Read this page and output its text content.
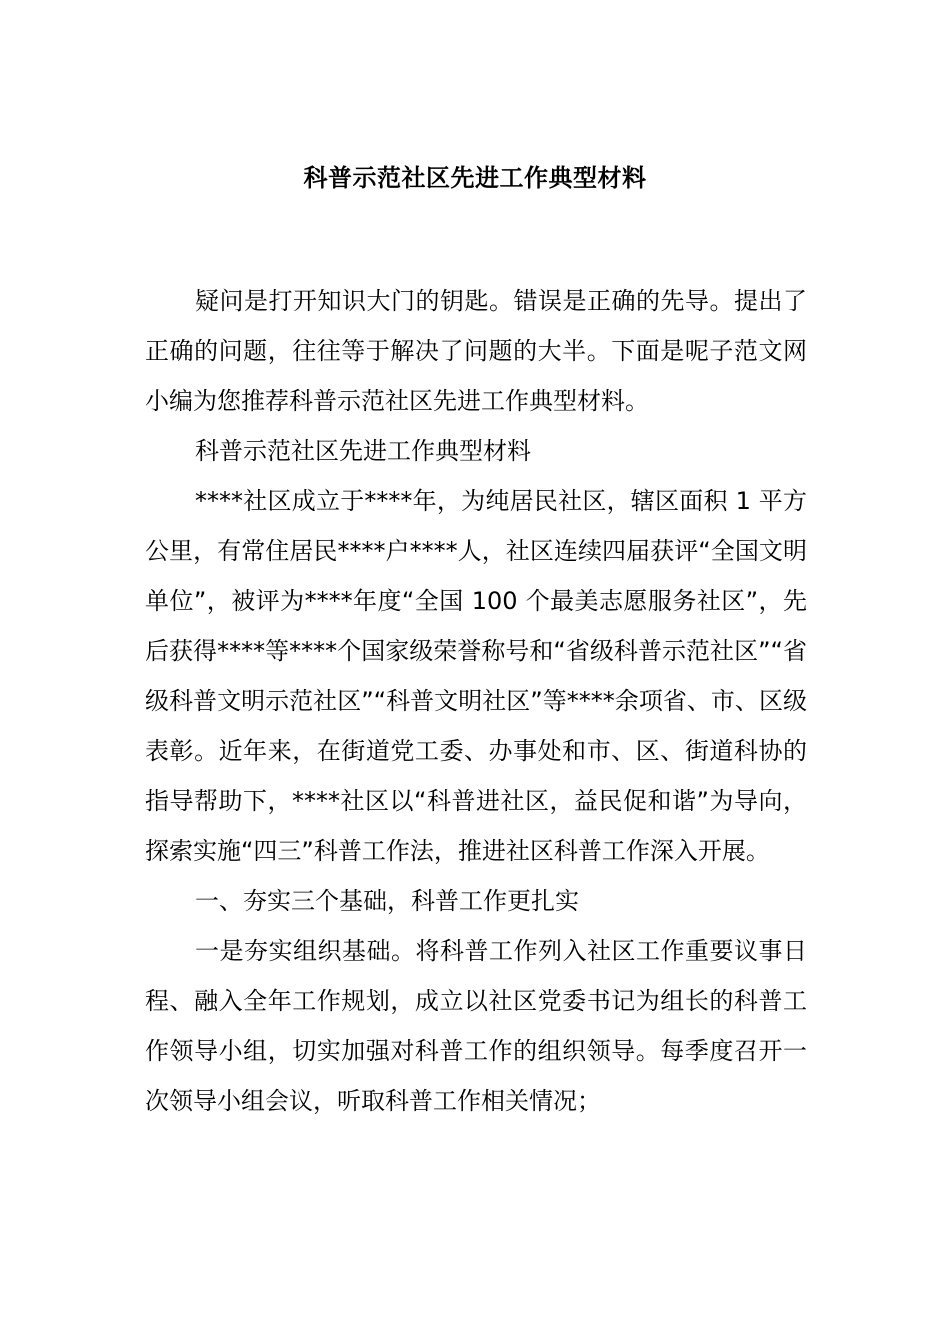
科普示范社区先进工作典型材料

疑问是打开知识大门的钥匙。错误是正确的先导。提出了正确的问题，往往等于解决了问题的大半。下面是呢子范文网小编为您推荐科普示范社区先进工作典型材料。

科普示范社区先进工作典型材料

****社区成立于****年，为纯居民社区，辖区面积 1 平方公里，有常住居民****户****人，社区连续四届获评“全国文明单位”，被评为****年度“全国 100 个最美志愿服务社区”，先后获得****等****个国家级荣誉称号和“省级科普示范社区”“省级科普文明示范社区”“科普文明社区”等****余项省、市、区级表彰。近年来，在街道党工委、办事处和市、区、街道科协的指导帮助下，****社区以“科普进社区，益民促和谐”为导向，探索实施“四三”科普工作法，推进社区科普工作深入开展。

一、夯实三个基础，科普工作更扎实

一是夯实组织基础。将科普工作列入社区工作重要议事日程、融入全年工作规划，成立以社区党委书记为组长的科普工作领导小组，切实加强对科普工作的组织领导。每季度召开一次领导小组会议，听取科普工作相关情况；
